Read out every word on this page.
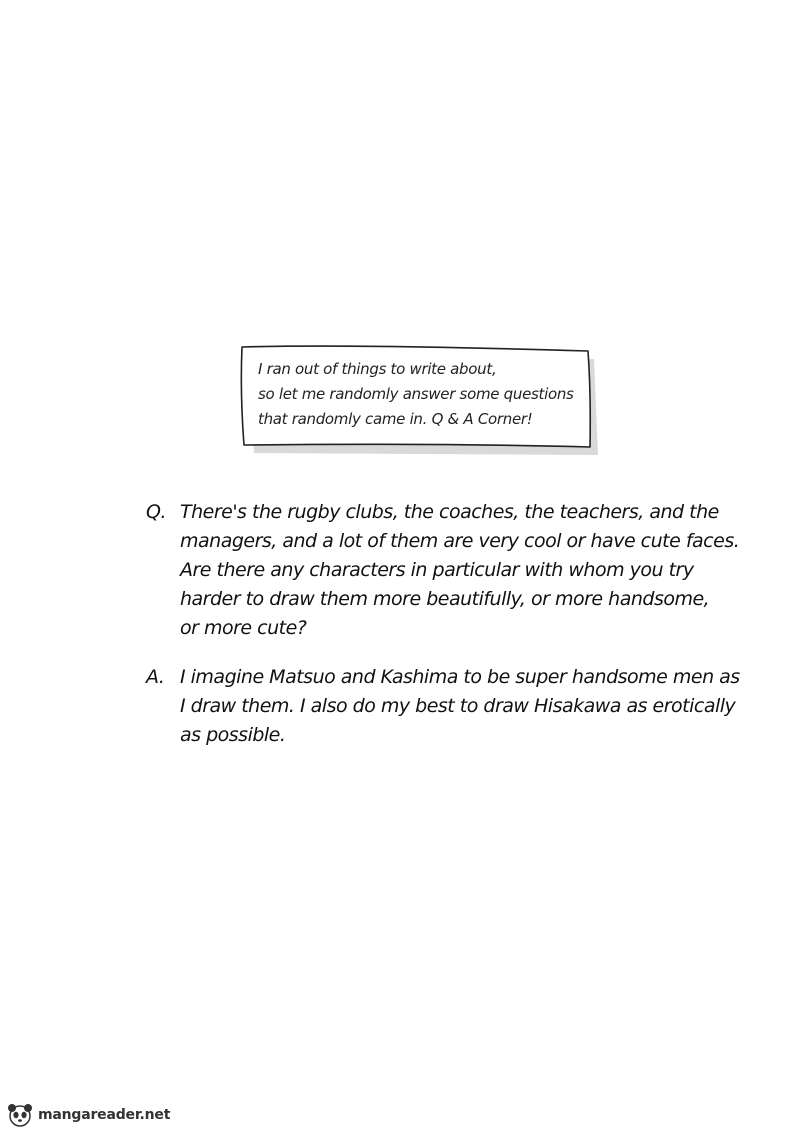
I ran out of things to write about,
so let me randomly answer some questions
that randomly came in. Q & A Corner!
Q. There's the rugby clubs, the coaches, the teachers, and the
managers, and a lot of them are very cool or have cute faces.
Are there any characters in particular with whom you try
harder to draw them more beautifully, or more handsome,
or more cute?
A. I imagine Matsuo and Kashima to be super handsome men as
I draw them. I also do my best to draw Hisakawa as erotically
as possible.
mangareader.net
